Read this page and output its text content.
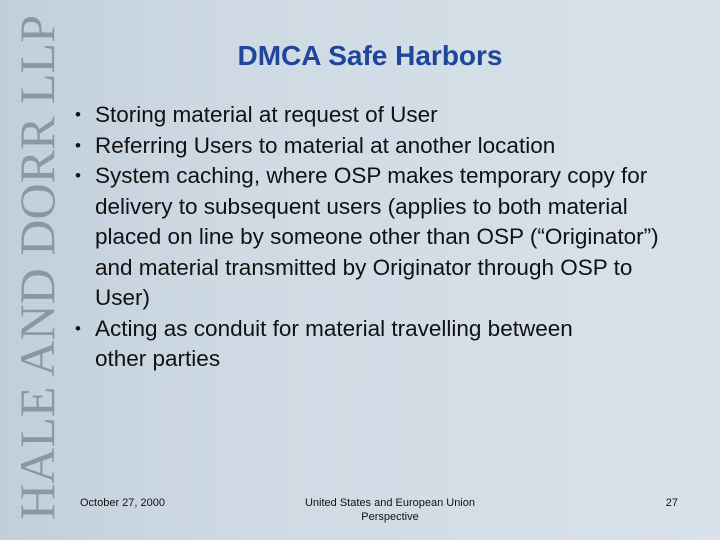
HALE AND DORR LLP	DMCA Safe Harbors
• Storing material at request of User
• Referring Users to material at another location
• System caching, where OSP makes temporary copy for delivery to subsequent users (applies to both material placed on line by someone other than OSP (“Originator”) and material transmitted by Originator through OSP to User)
• Acting as conduit for material travelling between other parties
October 27, 2000	United States and European Union
Perspective
27
